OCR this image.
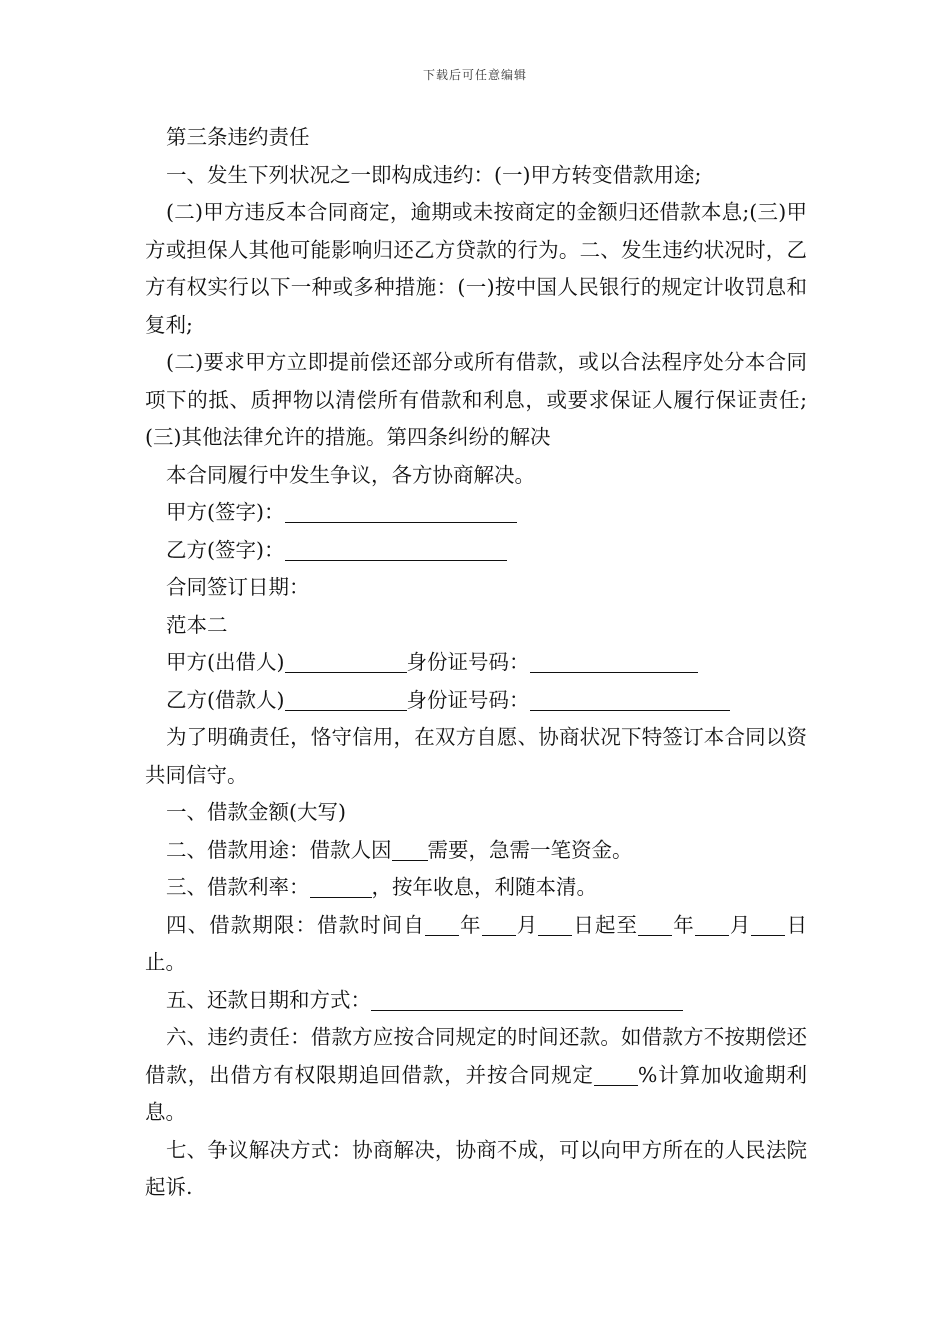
下载后可任意编辑

第三条违约责任

一、发生下列状况之一即构成违约：(一)甲方转变借款用途;

(二)甲方违反本合同商定，逾期或未按商定的金额归还借款本息;(三)甲方或担保人其他可能影响归还乙方贷款的行为。二、发生违约状况时，乙方有权实行以下一种或多种措施：(一)按中国人民银行的规定计收罚息和复利;

(二)要求甲方立即提前偿还部分或所有借款，或以合法程序处分本合同项下的抵、质押物以清偿所有借款和利息，或要求保证人履行保证责任;(三)其他法律允许的措施。第四条纠纷的解决

本合同履行中发生争议，各方协商解决。

甲方(签字)：

乙方(签字)：

合同签订日期：

范本二

甲方(出借人)	身份证号码：

乙方(借款人)	身份证号码：

为了明确责任，恪守信用，在双方自愿、协商状况下特签订本合同以资共同信守。

一、借款金额(大写)

二、借款用途：借款人因 需要，急需一笔资金。

三、借款利率：	，按年收息，利随本清。

四、借款期限：借款时间自 年 月 日起至 年 月 日止。

五、还款日期和方式：

六、违约责任：借款方应按合同规定的时间还款。如借款方不按期偿还借款，出借方有权限期追回借款，并按合同规定 %计算加收逾期利息。

七、争议解决方式：协商解决，协商不成，可以向甲方所在的人民法院起诉.
